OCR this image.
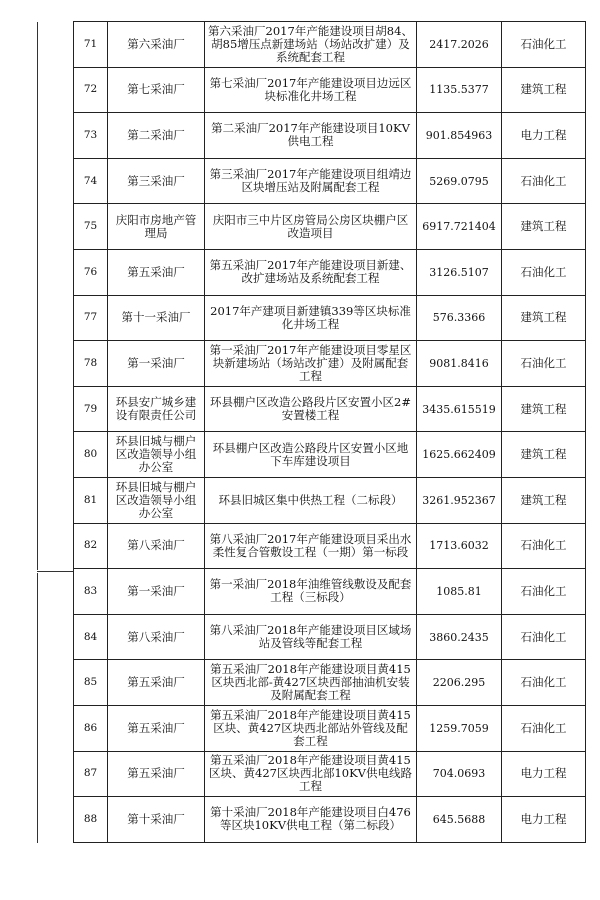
71	第六采油厂	第六采油厂2017年产能建设项目胡84、胡85增压点新建场站（场站改扩建）及系统配套工程	2417.2026	石油化工
72	第七采油厂	第七采油厂2017年产能建设项目边远区块标准化井场工程	1135.5377	建筑工程
73	第二采油厂	第二采油厂2017年产能建设项目10KV供电工程	901.854963	电力工程
74	第三采油厂	第三采油厂2017年产能建设项目组靖边区块增压站及附属配套工程	5269.0795	石油化工
75	庆阳市房地产管理局	庆阳市三中片区房管局公房区块棚户区改造项目	6917.721404	建筑工程
76	第五采油厂	第五采油厂2017年产能建设项目新建、改扩建场站及系统配套工程	3126.5107	石油化工
77	第十一采油厂	2017年产建项目新建镇339等区块标准化井场工程	576.3366	建筑工程
78	第一采油厂	第一采油厂2017年产能建设项目零星区块新建场站（场站改扩建）及附属配套工程	9081.8416	石油化工
79	环县安广城乡建设有限责任公司	环县棚户区改造公路段片区安置小区2#安置楼工程	3435.615519	建筑工程
80	环县旧城与棚户区改造领导小组办公室	环县棚户区改造公路段片区安置小区地下车库建设项目	1625.662409	建筑工程
81	环县旧城与棚户区改造领导小组办公室	环县旧城区集中供热工程（二标段）	3261.952367	建筑工程
82	第八采油厂	第八采油厂2017年产能建设项目采出水柔性复合管敷设工程（一期）第一标段	1713.6032	石油化工
83	第一采油厂	第一采油厂2018年油维管线敷设及配套工程（三标段）	1085.81	石油化工
84	第八采油厂	第八采油厂2018年产能建设项目区域场站及管线等配套工程	3860.2435	石油化工
85	第五采油厂	第五采油厂2018年产能建设项目黄415区块西北部-黄427区块西部抽油机安装及附属配套工程	2206.295	石油化工
86	第五采油厂	第五采油厂2018年产能建设项目黄415区块、黄427区块西北部站外管线及配套工程	1259.7059	石油化工
87	第五采油厂	第五采油厂2018年产能建设项目黄415区块、黄427区块西北部10KV供电线路工程	704.0693	电力工程
88	第十采油厂	第十采油厂2018年产能建设项目白476等区块10KV供电工程（第二标段）	645.5688	电力工程
